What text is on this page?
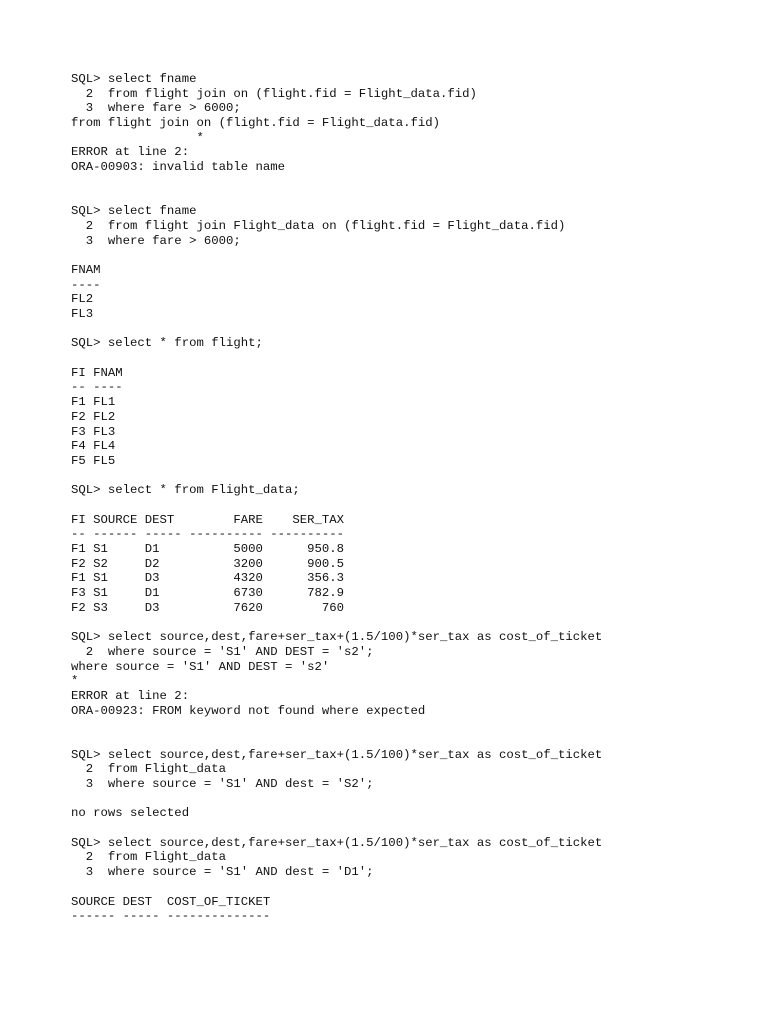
SQL> select fname
2  from flight join on (flight.fid = Flight_data.fid)
3  where fare > 6000;
from flight join on (flight.fid = Flight_data.fid)
*
ERROR at line 2:
ORA-00903: invalid table name
SQL> select fname
2  from flight join Flight_data on (flight.fid = Flight_data.fid)
3  where fare > 6000;
FNAM
----
FL2
FL3
SQL> select * from flight;
FI FNAM
-- ----
F1 FL1
F2 FL2
F3 FL3
F4 FL4
F5 FL5
SQL> select * from Flight_data;
FI SOURCE DEST        FARE    SER_TAX
-- ------ ----- ---------- ----------
F1 S1     D1          5000      950.8
F2 S2     D2          3200      900.5
F1 S1     D3          4320      356.3
F3 S1     D1          6730      782.9
F2 S3     D3          7620        760
SQL> select source,dest,fare+ser_tax+(1.5/100)*ser_tax as cost_of_ticket
2  where source = 'S1' AND DEST = 's2';
where source = 'S1' AND DEST = 's2'
*
ERROR at line 2:
ORA-00923: FROM keyword not found where expected
SQL> select source,dest,fare+ser_tax+(1.5/100)*ser_tax as cost_of_ticket
2  from Flight_data
3  where source = 'S1' AND dest = 'S2';
no rows selected
SQL> select source,dest,fare+ser_tax+(1.5/100)*ser_tax as cost_of_ticket
2  from Flight_data
3  where source = 'S1' AND dest = 'D1';
SOURCE DEST  COST_OF_TICKET
------ ----- --------------
